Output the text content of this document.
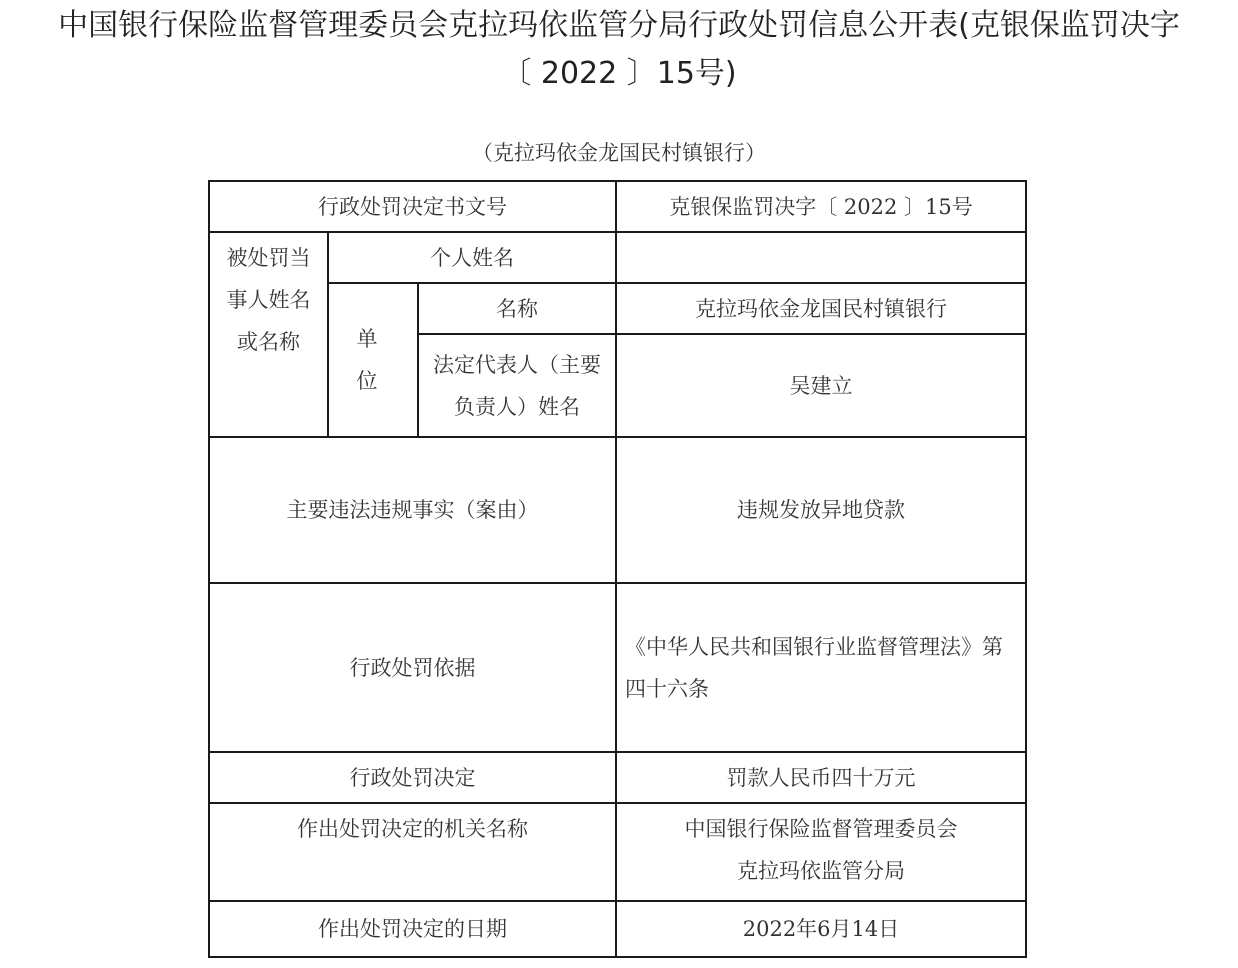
中国银行保险监督管理委员会克拉玛依监管分局行政处罚信息公开表(克银保监罚决字
〔 2022 〕15号)
（克拉玛依金龙国民村镇银行）
行政处罚决定书文号			克银保监罚决字〔 2022 〕15号
被处罚当事人姓名或名称	个人姓名		
	单 位	名称	克拉玛依金龙国民村镇银行
		法定代表人（主要负责人）姓名	吴建立
主要违法违规事实（案由）			违规发放异地贷款
行政处罚依据			《中华人民共和国银行业监督管理法》第四十六条
行政处罚决定			罚款人民币四十万元
作出处罚决定的机关名称			中国银行保险监督管理委员会
克拉玛依监管分局

作出处罚决定的日期			2022年6月14日
